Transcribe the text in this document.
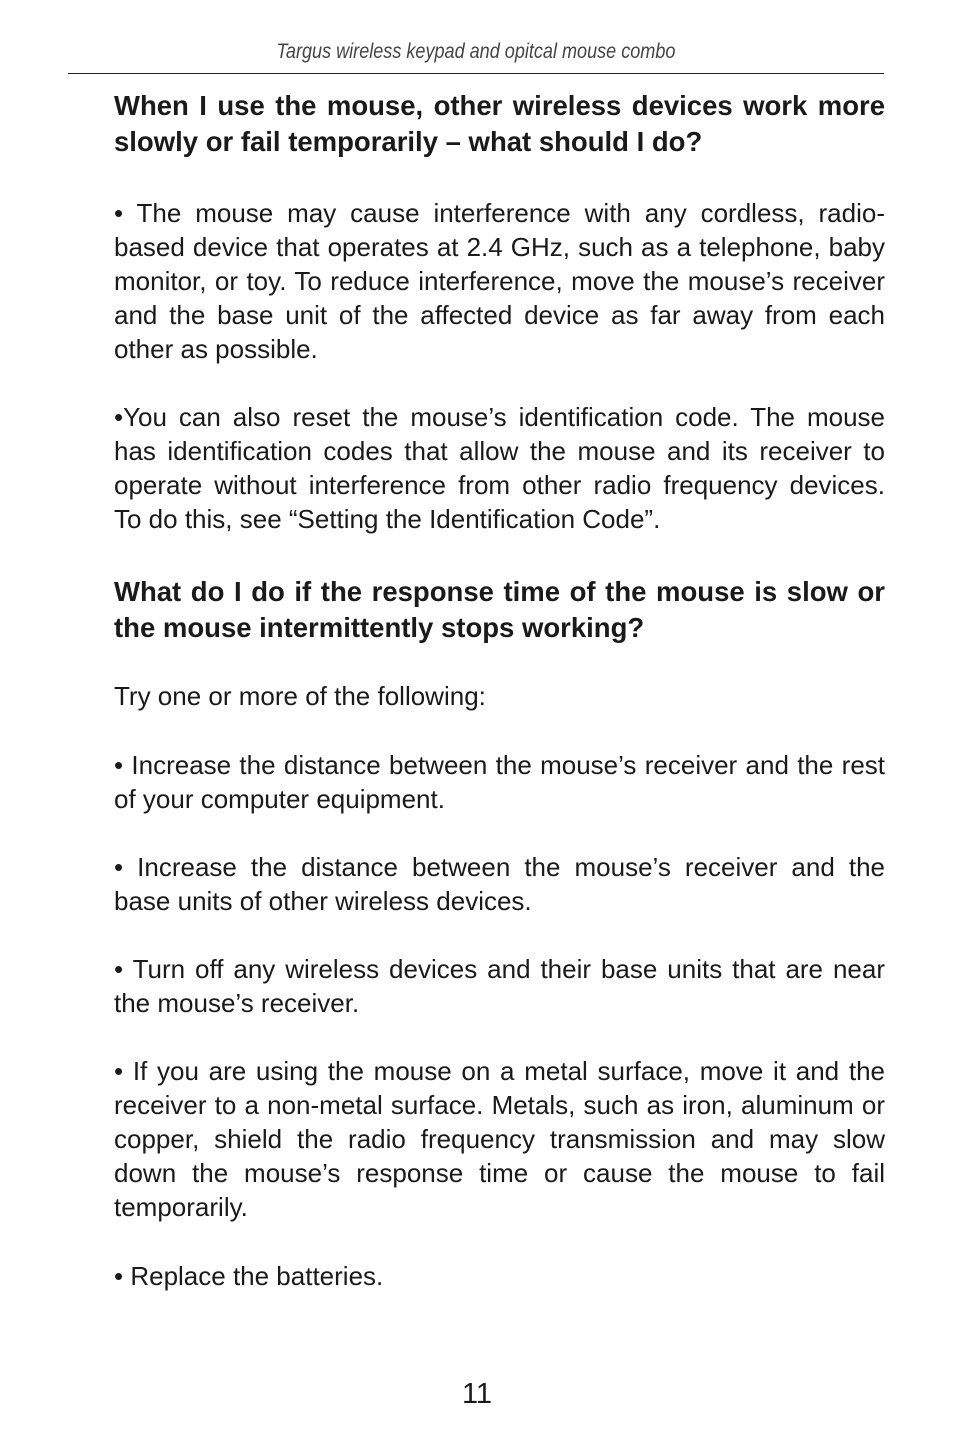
Targus wireless keypad and opitcal mouse combo
When I use the mouse, other wireless devices work more slowly or fail temporarily – what should I do?

• The mouse may cause interference with any cordless, radio-based device that operates at 2.4 GHz, such as a telephone, baby monitor, or toy. To reduce interference, move the mouse’s receiver and the base unit of the affected device as far away from each other as possible.

•You can also reset the mouse’s identification code. The mouse has identification codes that allow the mouse and its receiver to operate without interference from other radio frequency devices. To do this, see “Setting the Identification Code”.

What do I do if the response time of the mouse is slow or the mouse intermittently stops working?

Try one or more of the following:

• Increase the distance between the mouse’s receiver and the rest of your computer equipment.

• Increase the distance between the mouse’s receiver and the base units of other wireless devices.

• Turn off any wireless devices and their base units that are near the mouse’s receiver.

• If you are using the mouse on a metal surface, move it and the receiver to a non-metal surface. Metals, such as iron, aluminum or copper, shield the radio frequency transmission and may slow down the mouse’s response time or cause the mouse to fail temporarily.

• Replace the batteries.

11
